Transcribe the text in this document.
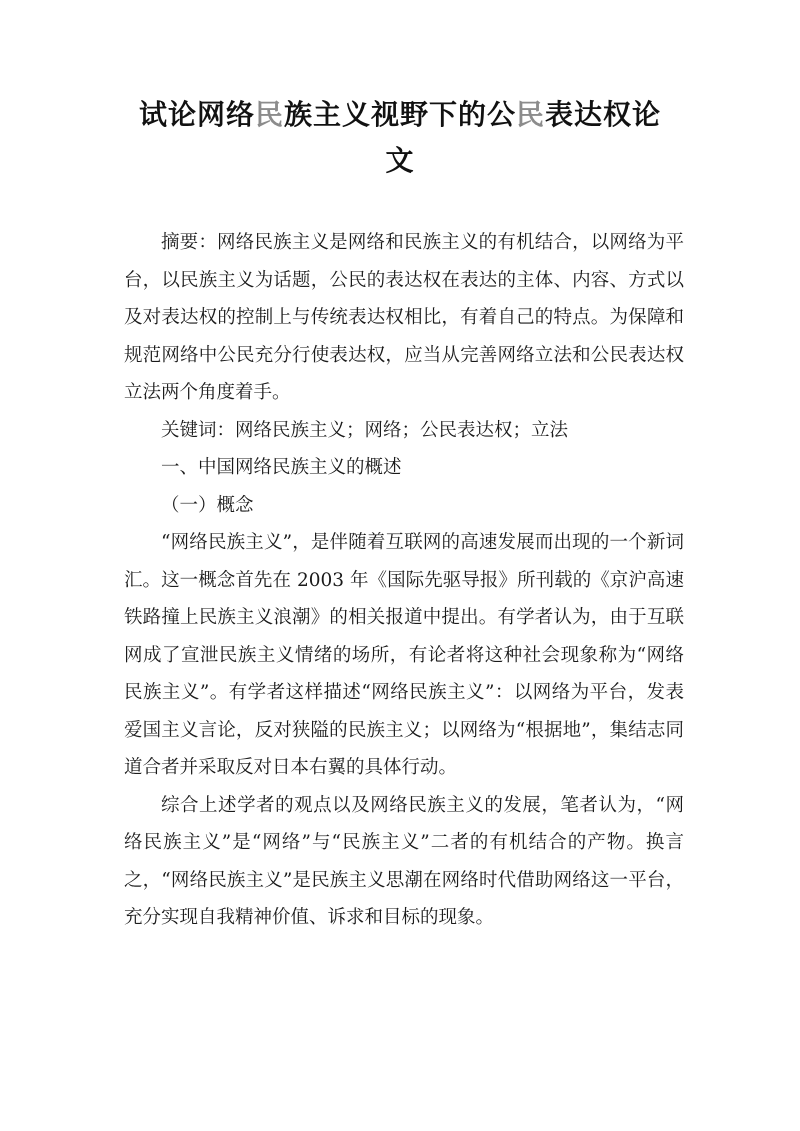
试论网络民族主义视野下的公民表达权论
文

摘要：网络民族主义是网络和民族主义的有机结合，以网络为平台，以民族主义为话题，公民的表达权在表达的主体、内容、方式以及对表达权的控制上与传统表达权相比，有着自己的特点。为保障和规范网络中公民充分行使表达权，应当从完善网络立法和公民表达权立法两个角度着手。

关键词：网络民族主义；网络；公民表达权；立法

一、中国网络民族主义的概述

（一）概念

“网络民族主义”，是伴随着互联网的高速发展而出现的一个新词汇。这一概念首先在 2003 年《国际先驱导报》所刊载的《京沪高速铁路撞上民族主义浪潮》的相关报道中提出。有学者认为，由于互联网成了宣泄民族主义情绪的场所，有论者将这种社会现象称为“网络民族主义”。有学者这样描述“网络民族主义”：以网络为平台，发表爱国主义言论，反对狭隘的民族主义；以网络为“根据地”，集结志同道合者并采取反对日本右翼的具体行动。

综合上述学者的观点以及网络民族主义的发展，笔者认为，“网络民族主义”是“网络”与“民族主义”二者的有机结合的产物。换言之，“网络民族主义”是民族主义思潮在网络时代借助网络这一平台，充分实现自我精神价值、诉求和目标的现象。
